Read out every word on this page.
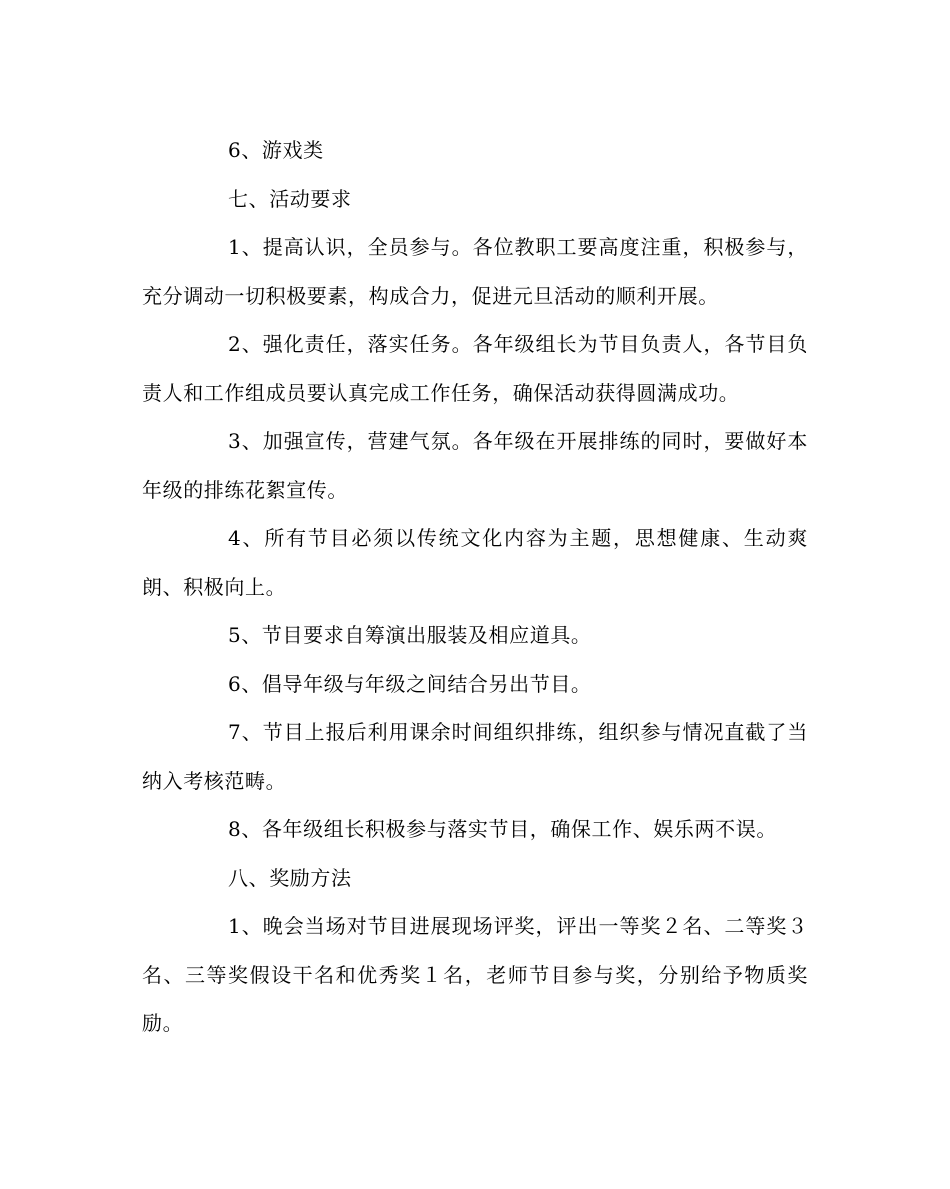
6、游戏类

七、活动要求

1、提高认识，全员参与。各位教职工要高度注重，积极参与，充分调动一切积极要素，构成合力，促进元旦活动的顺利开展。

2、强化责任，落实任务。各年级组长为节目负责人，各节目负责人和工作组成员要认真完成工作任务，确保活动获得圆满成功。

3、加强宣传，营建气氛。各年级在开展排练的同时，要做好本年级的排练花絮宣传。

4、所有节目必须以传统文化内容为主题，思想健康、生动爽朗、积极向上。

5、节目要求自筹演出服装及相应道具。

6、倡导年级与年级之间结合另出节目。

7、节目上报后利用课余时间组织排练，组织参与情况直截了当纳入考核范畴。

8、各年级组长积极参与落实节目，确保工作、娱乐两不误。

八、奖励方法

1、晚会当场对节目进展现场评奖，评出一等奖２名、二等奖３名、三等奖假设干名和优秀奖１名，老师节目参与奖，分别给予物质奖励。
